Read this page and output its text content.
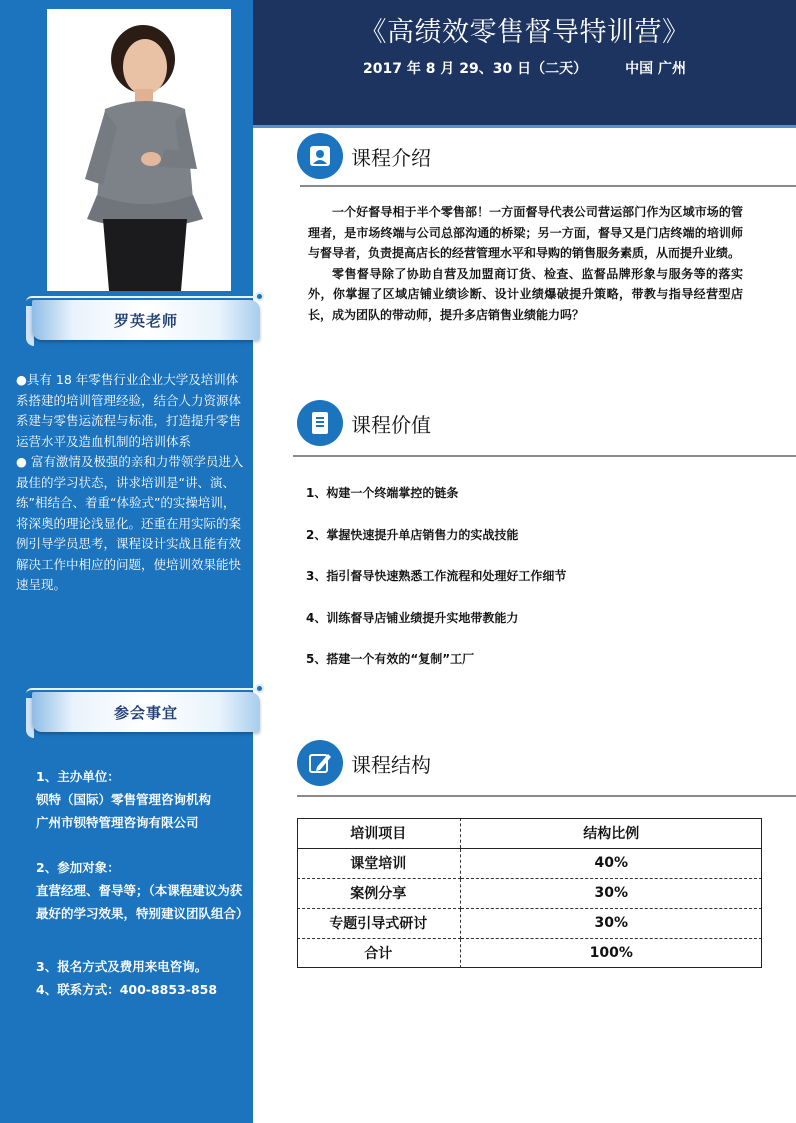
罗英老师

●具有 18 年零售行业企业大学及培训体系搭建的培训管理经验，结合人力资源体系建与零售运流程与标准，打造提升零售运营水平及造血机制的培训体系

● 富有激情及极强的亲和力带领学员进入最佳的学习状态，讲求培训是“讲、演、练”相结合、着重“体验式”的实操培训，将深奥的理论浅显化。还重在用实际的案例引导学员思考，课程设计实战且能有效解决工作中相应的问题，使培训效果能快速呈现。

参会事宜
1、主办单位：
钡特（国际）零售管理咨询机构
广州市钡特管理咨询有限公司
2、参加对象：
直营经理、督导等；（本课程建议为获最好的学习效果，特别建议团队组合）
3、报名方式及费用来电咨询。
4、联系方式：400-8853-858
《高绩效零售督导特训营》
2017 年 8 月 29、30 日（二天）	中国 广州
课程介绍

一个好督导相于半个零售部！一方面督导代表公司营运部门作为区域市场的管理者，是市场终端与公司总部沟通的桥梁；另一方面，督导又是门店终端的培训师与督导者，负责提高店长的经营管理水平和导购的销售服务素质，从而提升业绩。

零售督导除了协助自营及加盟商订货、检查、监督品牌形象与服务等的落实外，你掌握了区域店铺业绩诊断、设计业绩爆破提升策略，带教与指导经营型店长，成为团队的带动师，提升多店销售业绩能力吗？

课程价值
1、构建一个终端掌控的链条
2、掌握快速提升单店销售力的实战技能
3、指引督导快速熟悉工作流程和处理好工作细节
4、训练督导店铺业绩提升实地带教能力
5、搭建一个有效的“复制”工厂
课程结构
培训项目	结构比例
课堂培训	40%
案例分享	30%
专题引导式研讨	30%
合计	100%
